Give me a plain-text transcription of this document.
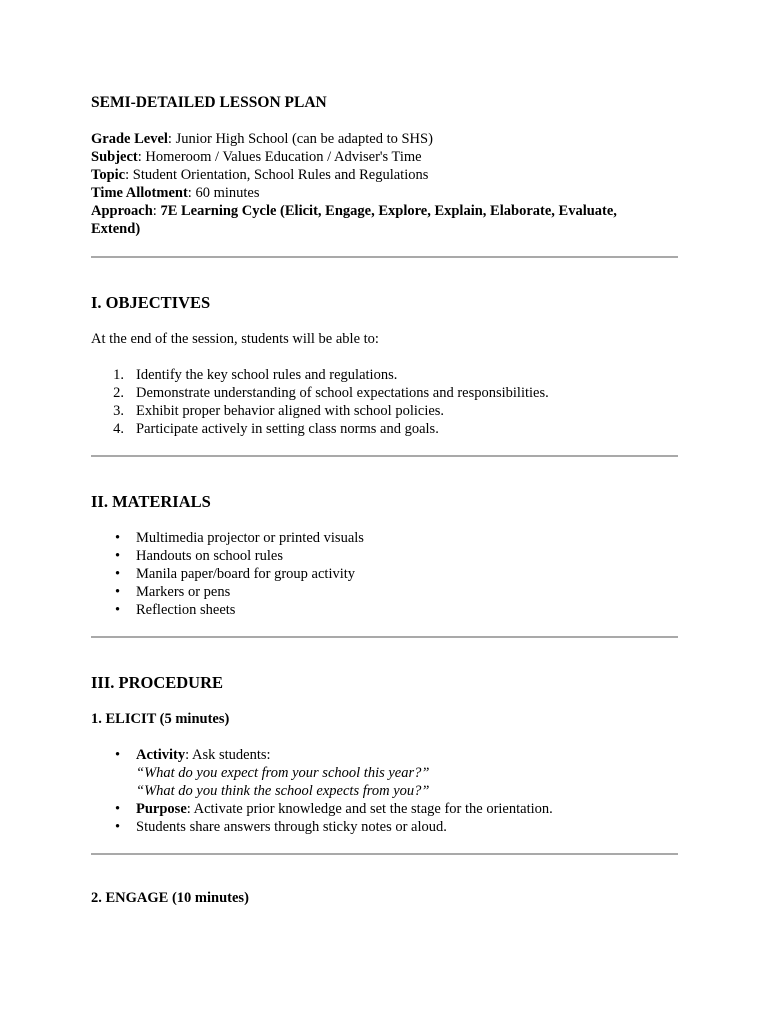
SEMI-DETAILED LESSON PLAN
Grade Level: Junior High School (can be adapted to SHS)
Subject: Homeroom / Values Education / Adviser's Time
Topic: Student Orientation, School Rules and Regulations
Time Allotment: 60 minutes
Approach: 7E Learning Cycle (Elicit, Engage, Explore, Explain, Elaborate, Evaluate, Extend)
I. OBJECTIVES

At the end of the session, students will be able to:

1. Identify the key school rules and regulations.
2. Demonstrate understanding of school expectations and responsibilities.
3. Exhibit proper behavior aligned with school policies.
4. Participate actively in setting class norms and goals.
II. MATERIALS
• Multimedia projector or printed visuals
• Handouts on school rules
• Manila paper/board for group activity
• Markers or pens
• Reflection sheets
III. PROCEDURE
1. ELICIT (5 minutes)
• Activity: Ask students:
“What do you expect from your school this year?”
“What do you think the school expects from you?”
• Purpose: Activate prior knowledge and set the stage for the orientation.
• Students share answers through sticky notes or aloud.
2. ENGAGE (10 minutes)
